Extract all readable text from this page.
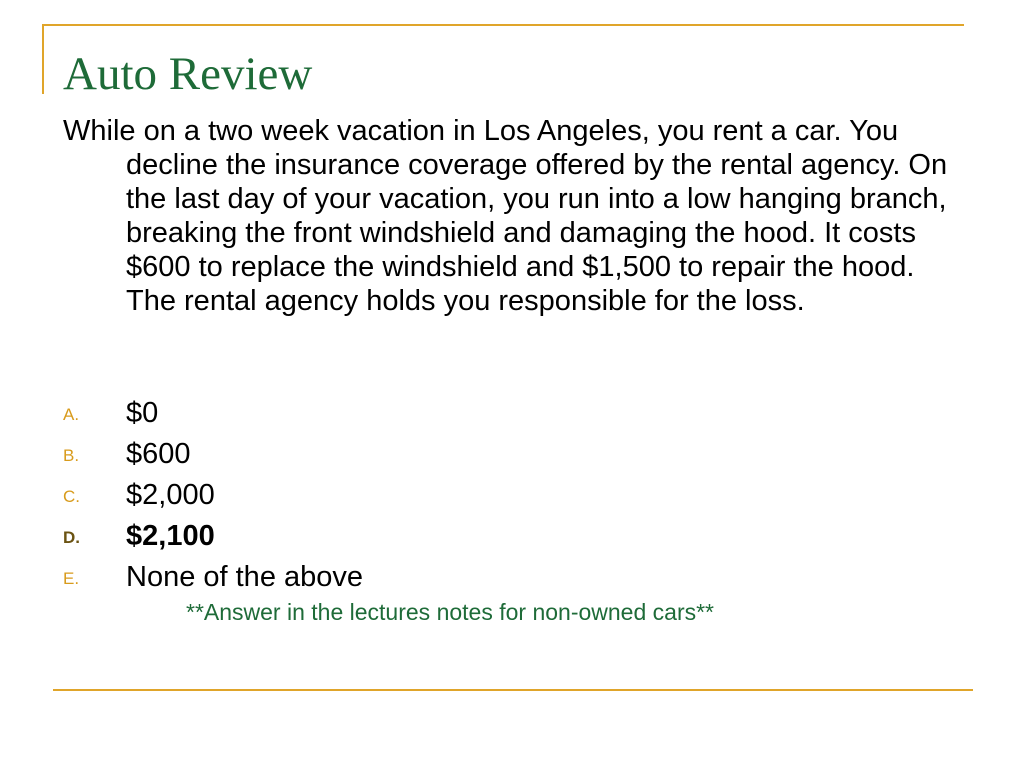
Auto Review

While on a two week vacation in Los Angeles, you rent a car. You decline the insurance coverage offered by the rental agency. On the last day of your vacation, you run into a low hanging branch, breaking the front windshield and damaging the hood. It costs $600 to replace the windshield and $1,500 to repair the hood. The rental agency holds you responsible for the loss.

A. $0
B. $600
C. $2,000
D. $2,100
E. None of the above

**Answer in the lectures notes for non-owned cars**
